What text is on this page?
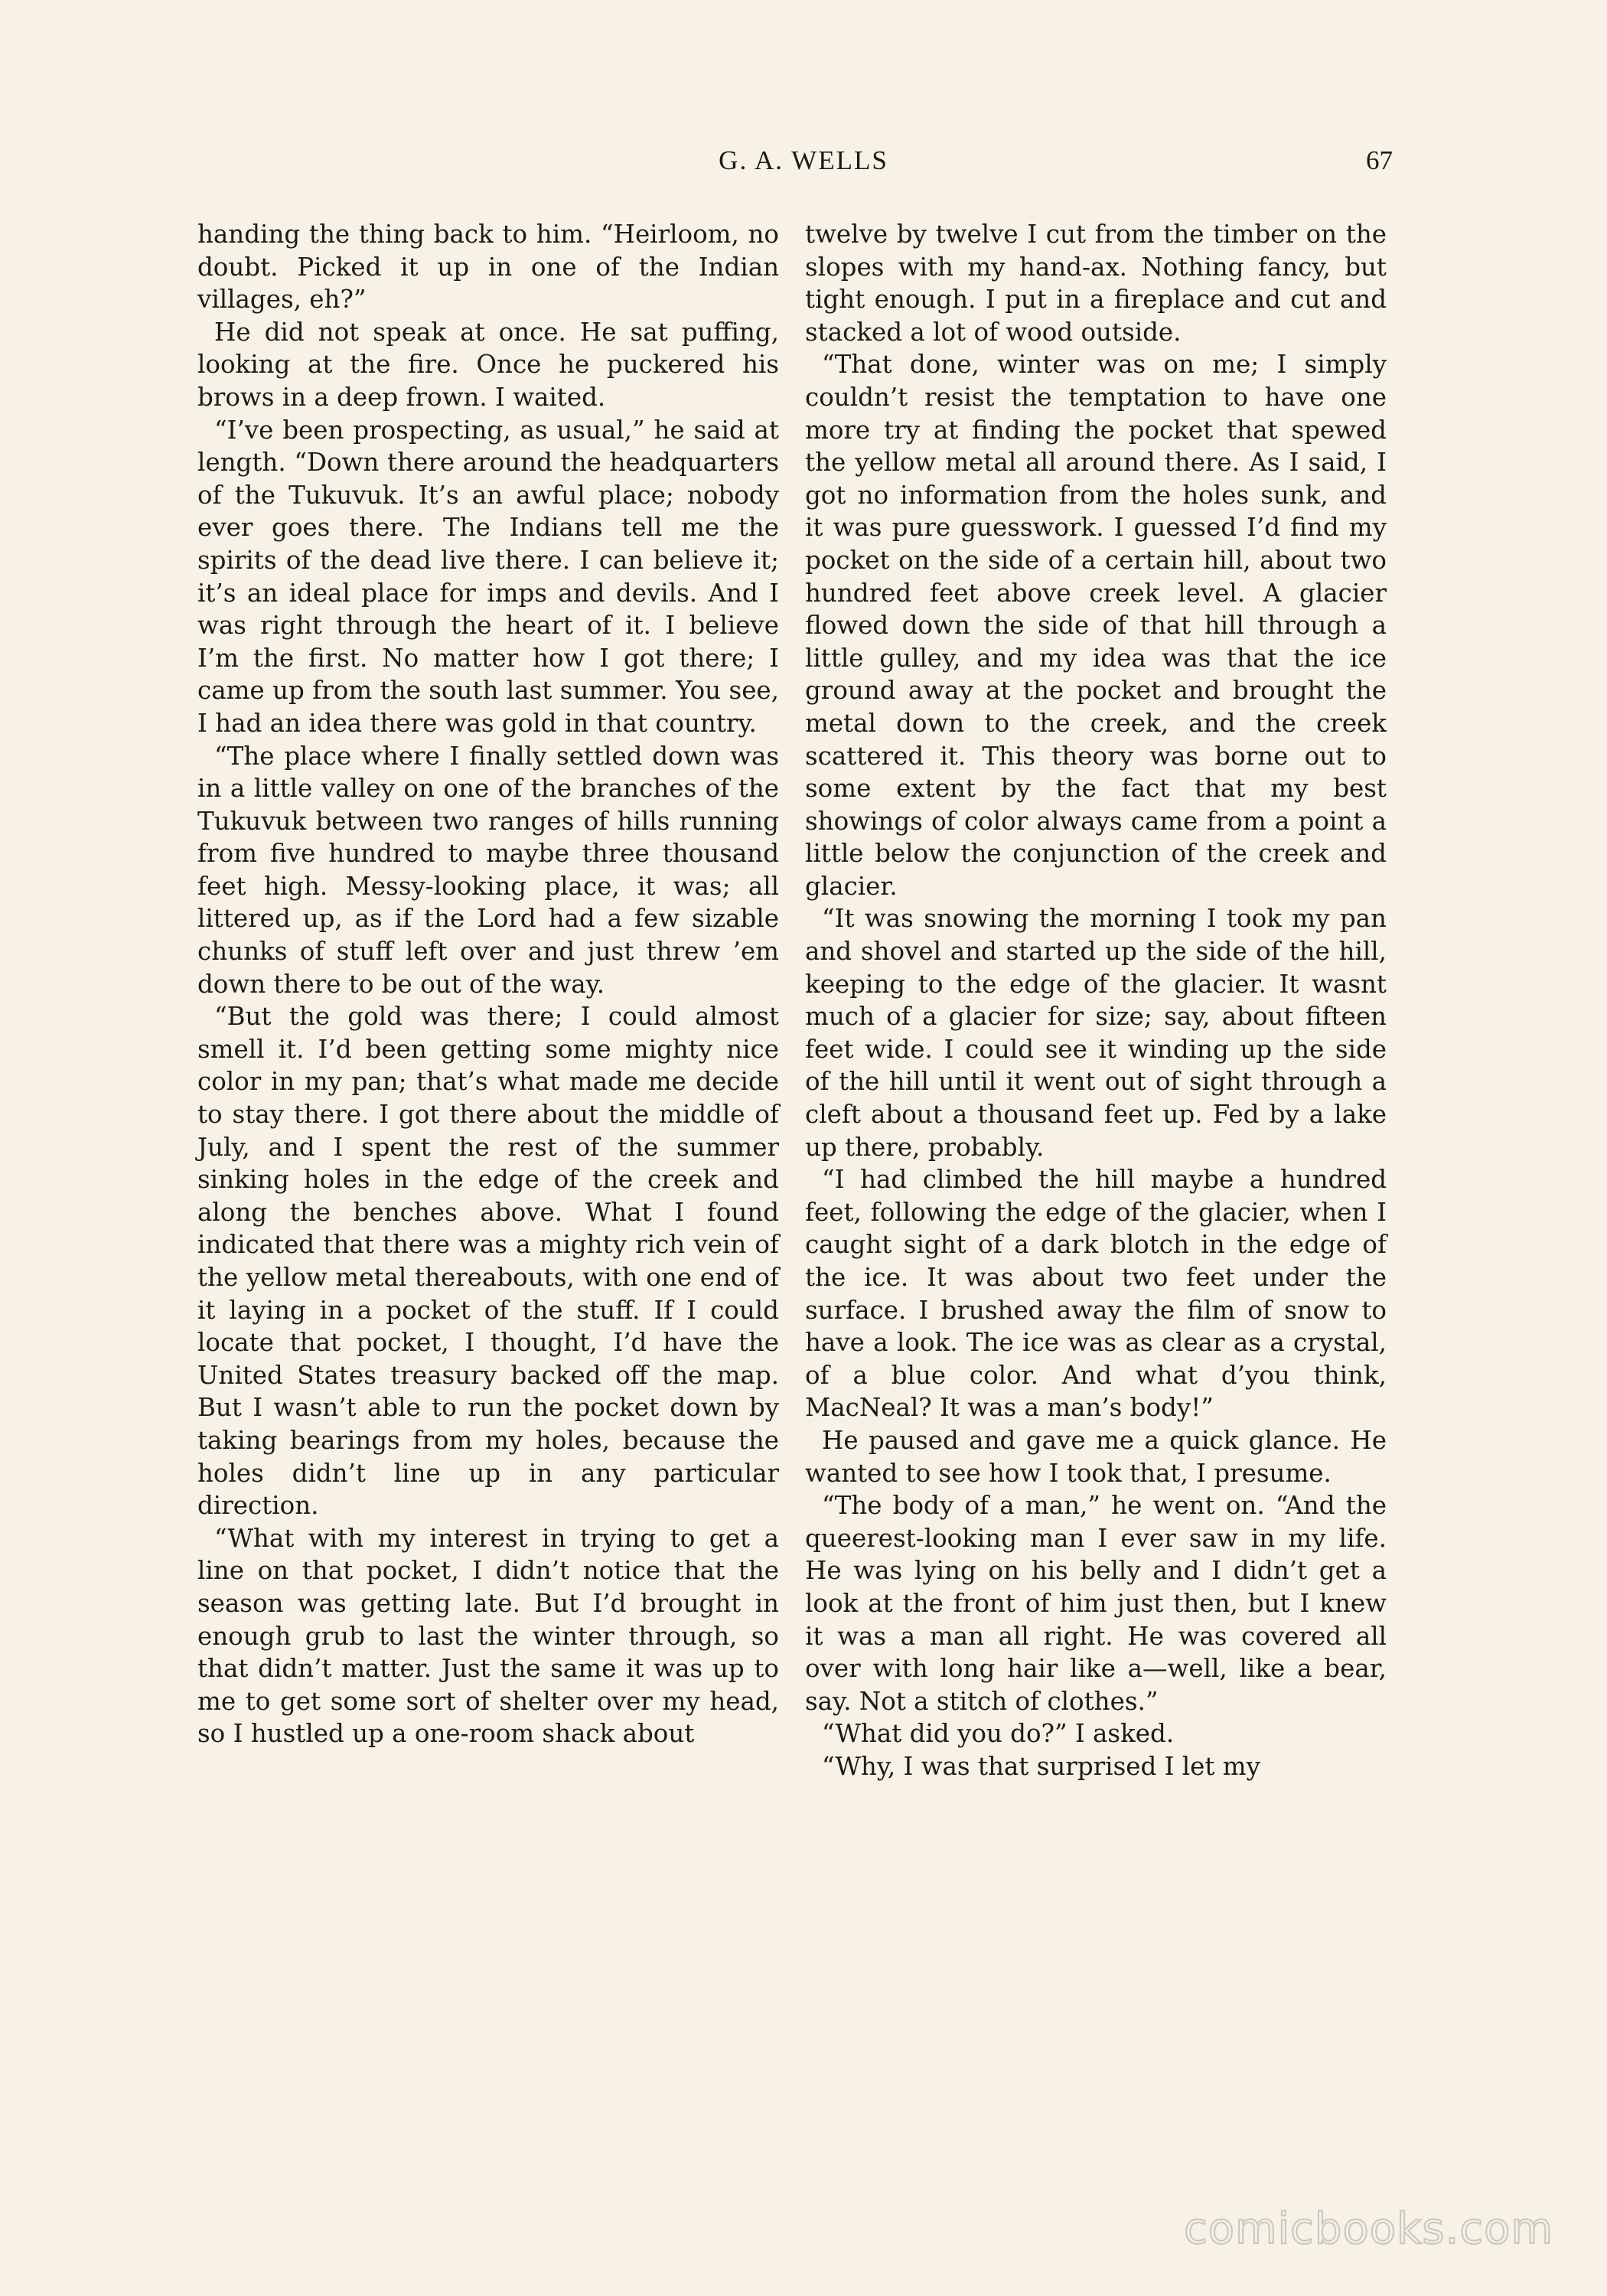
G. A. WELLS	67

handing the thing back to him. “Heirloom, no doubt. Picked it up in one of the Indian villages, eh?”

He did not speak at once. He sat puffing, looking at the fire. Once he puckered his brows in a deep frown. I waited.

“I’ve been prospecting, as usual,” he said at length. “Down there around the headquarters of the Tukuvuk. It’s an awful place; nobody ever goes there. The Indians tell me the spirits of the dead live there. I can believe it; it’s an ideal place for imps and devils. And I was right through the heart of it. I believe I’m the first. No matter how I got there; I came up from the south last summer. You see, I had an idea there was gold in that country.

“The place where I finally settled down was in a little valley on one of the branches of the Tukuvuk between two ranges of hills running from five hundred to maybe three thousand feet high. Messy-looking place, it was; all littered up, as if the Lord had a few sizable chunks of stuff left over and just threw ’em down there to be out of the way.

“But the gold was there; I could almost smell it. I’d been getting some mighty nice color in my pan; that’s what made me decide to stay there. I got there about the middle of July, and I spent the rest of the summer sinking holes in the edge of the creek and along the benches above. What I found indicated that there was a mighty rich vein of the yellow metal thereabouts, with one end of it laying in a pocket of the stuff. If I could locate that pocket, I thought, I’d have the United States treasury backed off the map. But I wasn’t able to run the pocket down by taking bearings from my holes, because the holes didn’t line up in any particular direction.

“What with my interest in trying to get a line on that pocket, I didn’t notice that the season was getting late. But I’d brought in enough grub to last the winter through, so that didn’t matter. Just the same it was up to me to get some sort of shelter over my head, so I hustled up a one-room shack about

twelve by twelve I cut from the timber on the slopes with my hand-ax. Nothing fancy, but tight enough. I put in a fireplace and cut and stacked a lot of wood outside.

“That done, winter was on me; I simply couldn’t resist the temptation to have one more try at finding the pocket that spewed the yellow metal all around there. As I said, I got no information from the holes sunk, and it was pure guesswork. I guessed I’d find my pocket on the side of a certain hill, about two hundred feet above creek level. A glacier flowed down the side of that hill through a little gulley, and my idea was that the ice ground away at the pocket and brought the metal down to the creek, and the creek scattered it. This theory was borne out to some extent by the fact that my best showings of color always came from a point a little below the conjunction of the creek and glacier.

“It was snowing the morning I took my pan and shovel and started up the side of the hill, keeping to the edge of the glacier. It wasnt much of a glacier for size; say, about fifteen feet wide. I could see it winding up the side of the hill until it went out of sight through a cleft about a thousand feet up. Fed by a lake up there, probably.

“I had climbed the hill maybe a hundred feet, following the edge of the glacier, when I caught sight of a dark blotch in the edge of the ice. It was about two feet under the surface. I brushed away the film of snow to have a look. The ice was as clear as a crystal, of a blue color. And what d’you think, MacNeal? It was a man’s body!”

He paused and gave me a quick glance. He wanted to see how I took that, I presume.

“The body of a man,” he went on. “And the queerest-looking man I ever saw in my life. He was lying on his belly and I didn’t get a look at the front of him just then, but I knew it was a man all right. He was covered all over with long hair like a—well, like a bear, say. Not a stitch of clothes.”

“What did you do?” I asked.

“Why, I was that surprised I let my

comicbooks.com
